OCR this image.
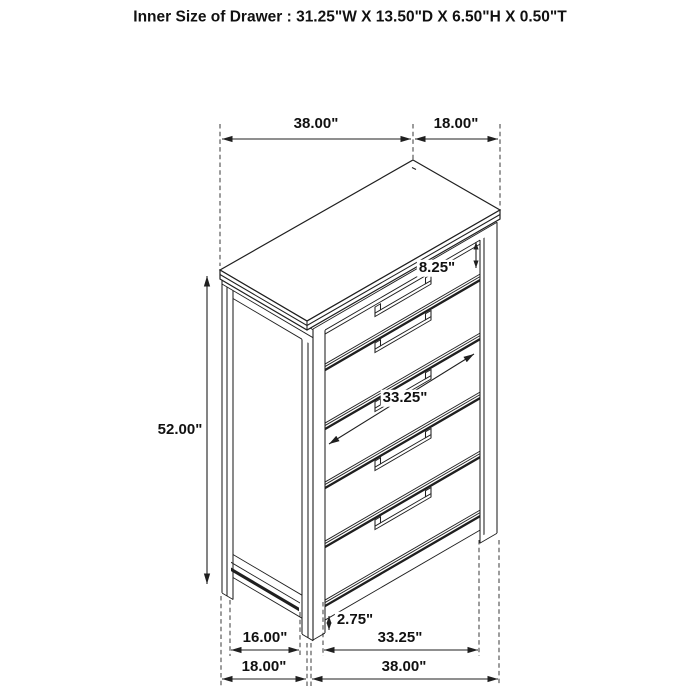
Inner Size of Drawer : 31.25"W X 13.50"D X 6.50"H X 0.50"T
38.00"	18.00"
8.25"
52.00"
33.25"
2.75"
16.00"	33.25"
18.00"	38.00"
